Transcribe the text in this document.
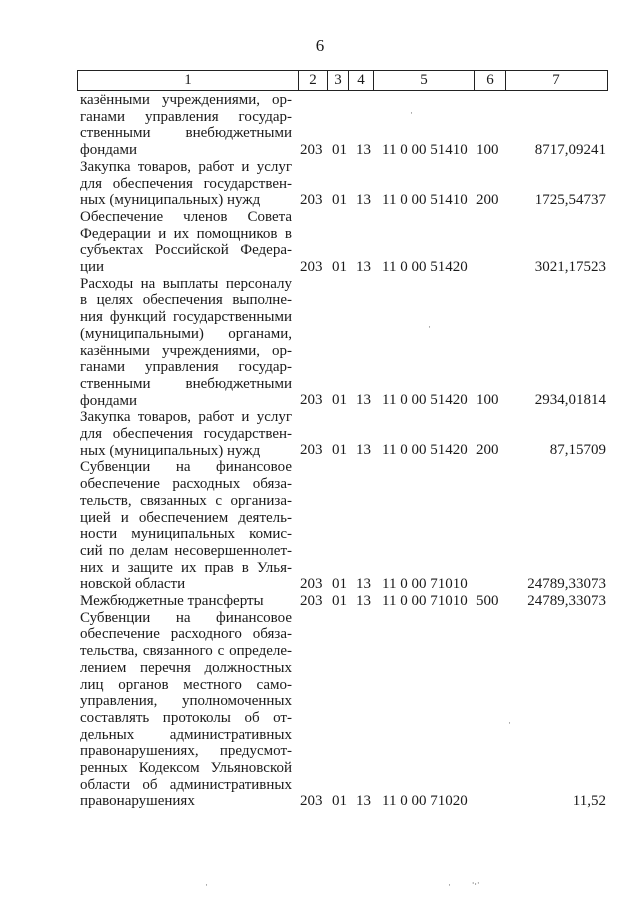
6
1	2	3	4	5	6	7
казёнными учреждениями, ор-
ганами управления государ-
ственными внебюджетными
фондами	203 01 13 11 0 00 51410 100	8717,09241
Закупка товаров, работ и услуг
для обеспечения государствен-
ных (муниципальных) нужд	203 01 13 11 0 00 51410 200	1725,54737
Обеспечение членов Совета
Федерации и их помощников в
субъектах Российской Федера-
ции	203 01 13 11 0 00 51420	3021,17523
Расходы на выплаты персоналу
в целях обеспечения выполне-
ния функций государственными
(муниципальными) органами,
казёнными учреждениями, ор-
ганами управления государ-
ственными внебюджетными
фондами	203 01 13 11 0 00 51420 100	2934,01814
Закупка товаров, работ и услуг
для обеспечения государствен-
ных (муниципальных) нужд	203 01 13 11 0 00 51420 200	87,15709
Субвенции на финансовое
обеспечение расходных обяза-
тельств, связанных с организа-
цией и обеспечением деятель-
ности муниципальных комис-
сий по делам несовершеннолет-
них и защите их прав в Улья-
новской области	203 01 13 11 0 00 71010	24789,33073
Межбюджетные трансферты	203 01 13 11 0 00 71010 500	24789,33073
Субвенции на финансовое
обеспечение расходного обяза-
тельства, связанного с определе-
лением перечня должностных
лиц органов местного само-
управления, уполномоченных
составлять протоколы об от-
дельных административных
правонарушениях, предусмот-
ренных Кодексом Ульяновской
области об административных
правонарушениях	203 01 13 11 0 00 71020	11,52
·
·
·
·	· ⸱⸳·
